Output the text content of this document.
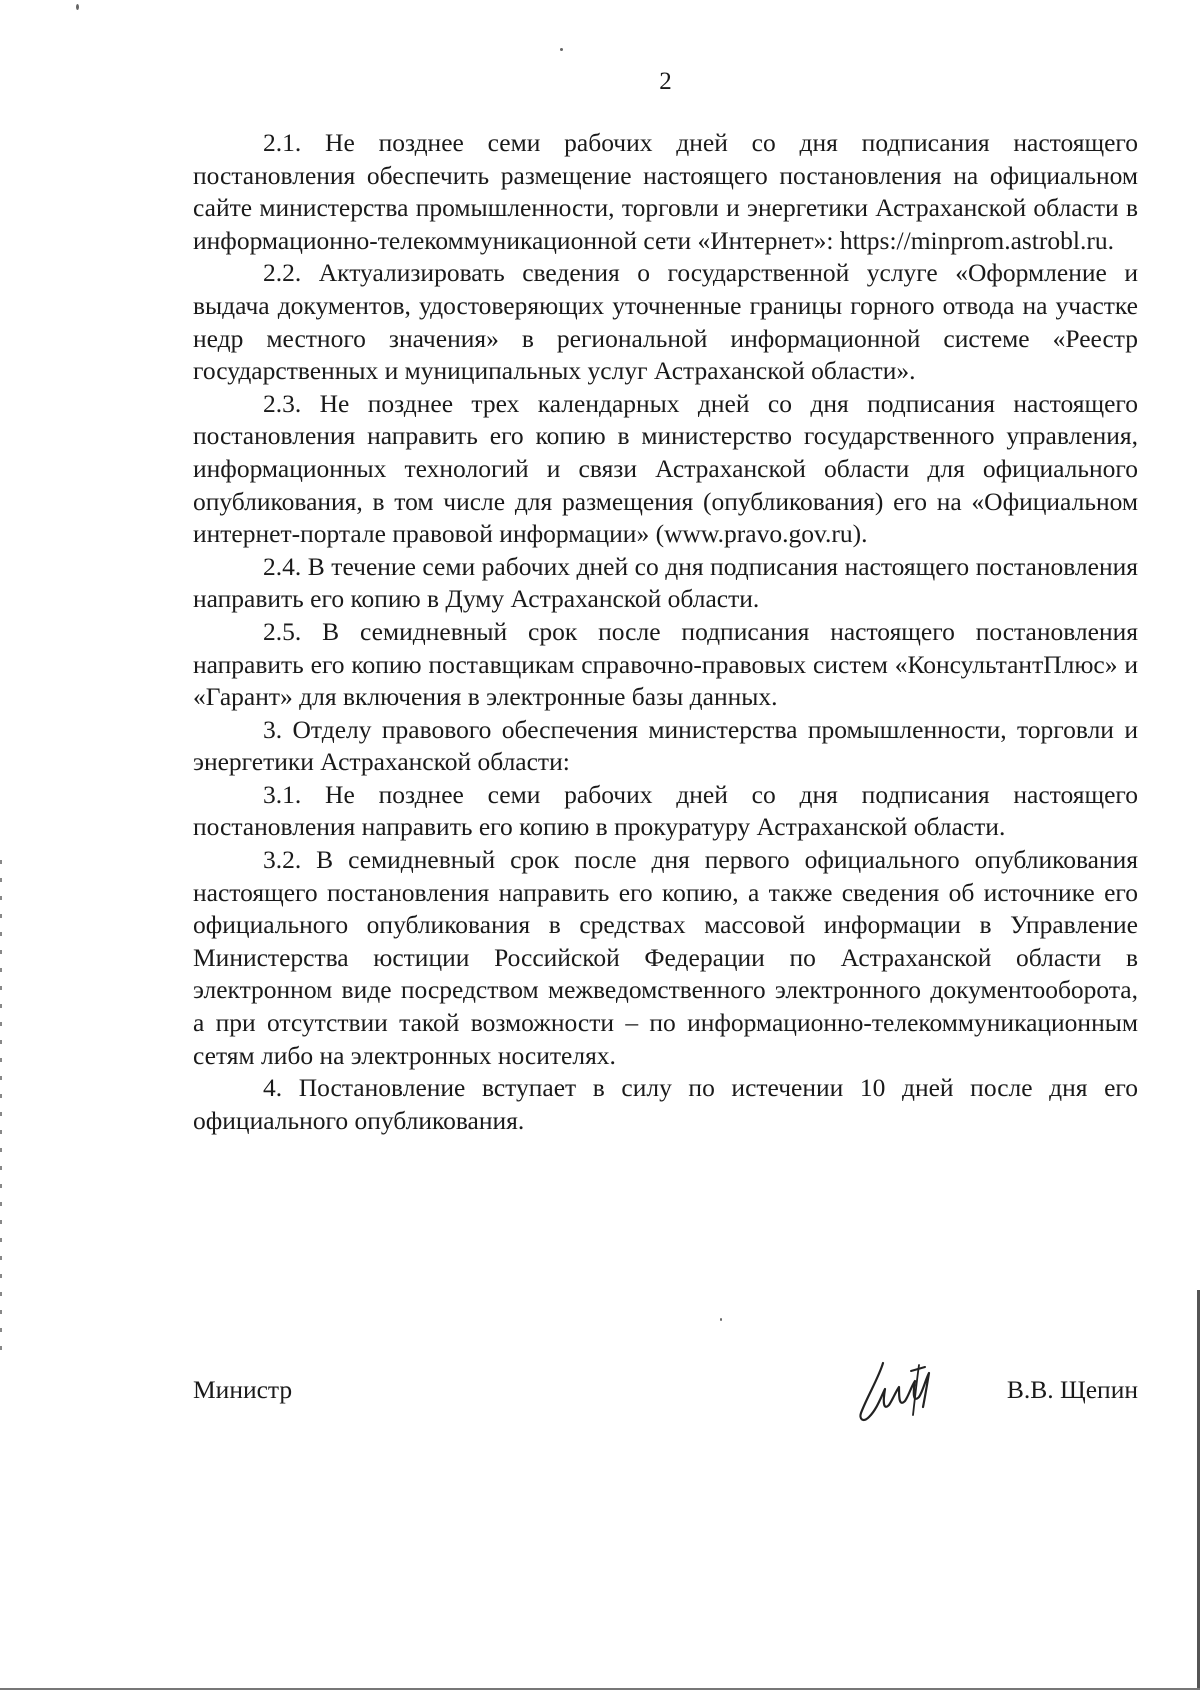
2

2.1. Не позднее семи рабочих дней со дня подписания настоящего постановления обеспечить размещение настоящего постановления на официальном сайте министерства промышленности, торговли и энергетики Астраханской области в информационно-телекоммуникационной сети «Интернет»: https://minprom.astrobl.ru.

2.2. Актуализировать сведения о государственной услуге «Оформление и выдача документов, удостоверяющих уточненные границы горного отвода на участке недр местного значения» в региональной информационной системе «Реестр государственных и муниципальных услуг Астраханской области».

2.3. Не позднее трех календарных дней со дня подписания настоящего постановления направить его копию в министерство государственного управления, информационных технологий и связи Астраханской области для официального опубликования, в том числе для размещения (опубликования) его на «Официальном интернет-портале правовой информации» (www.pravo.gov.ru).

2.4. В течение семи рабочих дней со дня подписания настоящего постановления направить его копию в Думу Астраханской области.

2.5. В семидневный срок после подписания настоящего постановления направить его копию поставщикам справочно-правовых систем «КонсультантПлюс» и «Гарант» для включения в электронные базы данных.

3. Отделу правового обеспечения министерства промышленности, торговли и энергетики Астраханской области:

3.1. Не позднее семи рабочих дней со дня подписания настоящего постановления направить его копию в прокуратуру Астраханской области.

3.2. В семидневный срок после дня первого официального опубликования настоящего постановления направить его копию, а также сведения об источнике его официального опубликования в средствах массовой информации в Управление Министерства юстиции Российской Федерации по Астраханской области в электронном виде посредством межведомственного электронного документооборота, а при отсутствии такой возможности – по информационно-телекоммуникационным сетям либо на электронных носителях.

4. Постановление вступает в силу по истечении 10 дней после дня его официального опубликования.

Министр	В.В. Щепин
